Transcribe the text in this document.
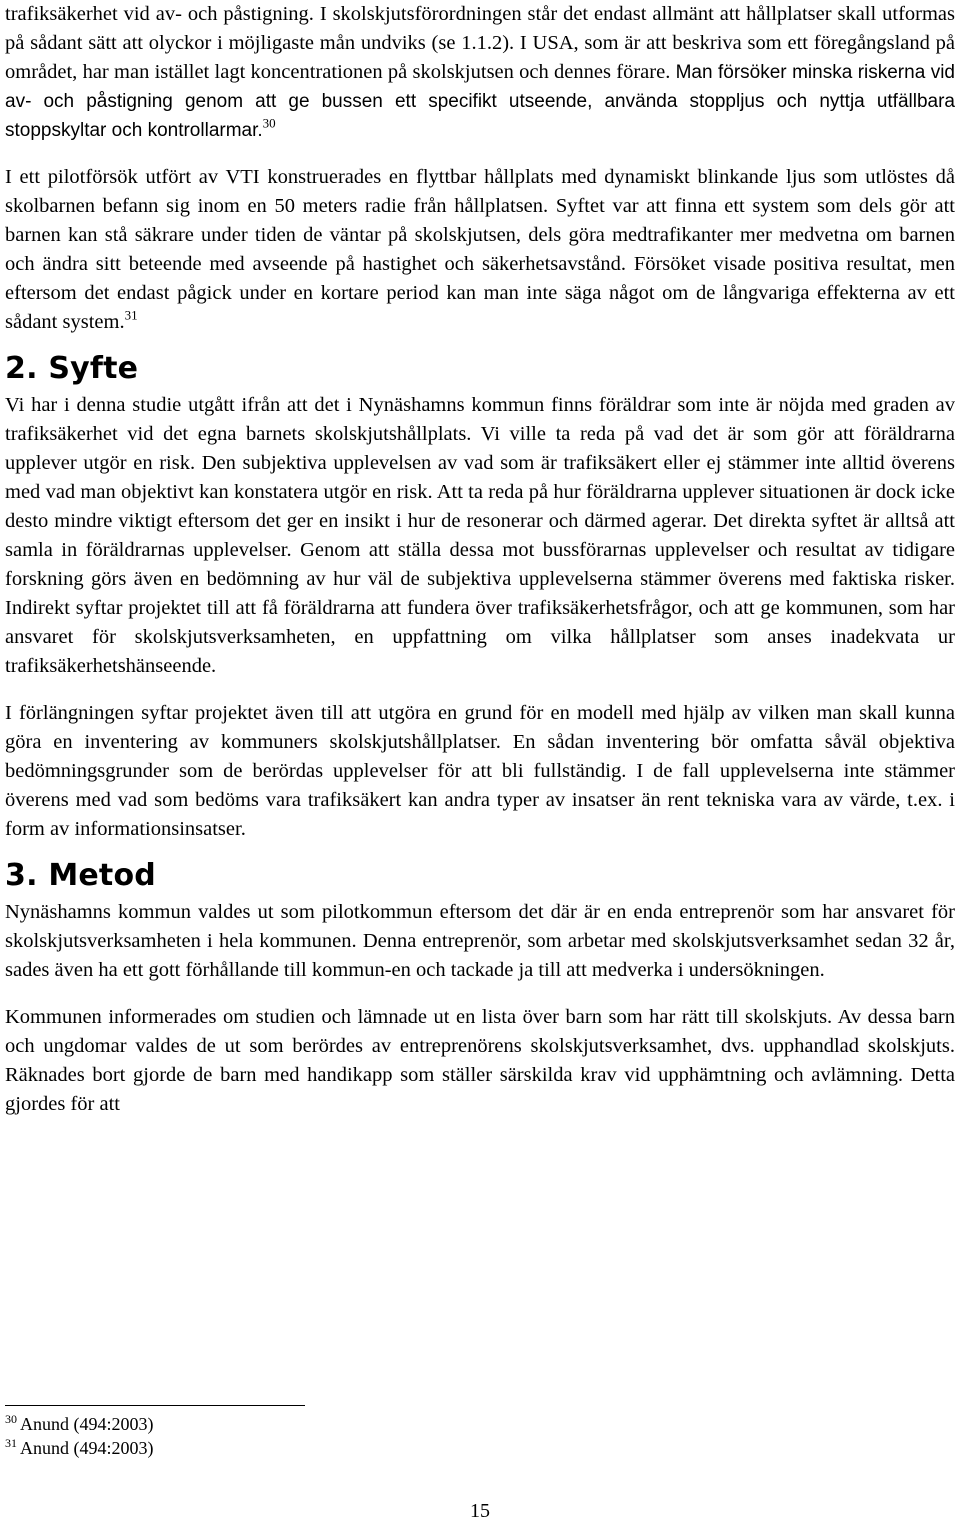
trafiksäkerhet vid av- och påstigning. I skolskjutsförordningen står det endast allmänt att hållplatser skall utformas på sådant sätt att olyckor i möjligaste mån undviks (se 1.1.2). I USA, som är att beskriva som ett föregångsland på området, har man istället lagt koncentrationen på skolskjutsen och dennes förare. Man försöker minska riskerna vid av- och påstigning genom att ge bussen ett specifikt utseende, använda stoppljus och nyttja utfällbara stoppskyltar och kontrollarmar.$^{30}$

I ett pilotförsök utfört av VTI konstruerades en flyttbar hållplats med dynamiskt blinkande ljus som utlöstes då skolbarnen befann sig inom en 50 meters radie från hållplatsen. Syftet var att finna ett system som dels gör att barnen kan stå säkrare under tiden de väntar på skolskjutsen, dels göra medtrafikanter mer medvetna om barnen och ändra sitt beteende med avseende på hastighet och säkerhetsavstånd. Försöket visade positiva resultat, men eftersom det endast pågick under en kortare period kan man inte säga något om de långvariga effekterna av ett sådant system.$^{31}$

2. Syfte

Vi har i denna studie utgått ifrån att det i Nynäshamns kommun finns föräldrar som inte är nöjda med graden av trafiksäkerhet vid det egna barnets skolskjutshållplats. Vi ville ta reda på vad det är som gör att föräldrarna upplever utgör en risk. Den subjektiva upplevelsen av vad som är trafiksäkert eller ej stämmer inte alltid överens med vad man objektivt kan konstatera utgör en risk. Att ta reda på hur föräldrarna upplever situationen är dock icke desto mindre viktigt eftersom det ger en insikt i hur de resonerar och därmed agerar. Det direkta syftet är alltså att samla in föräldrarnas upplevelser. Genom att ställa dessa mot bussförarnas upplevelser och resultat av tidigare forskning görs även en bedömning av hur väl de subjektiva upplevelserna stämmer överens med faktiska risker. Indirekt syftar projektet till att få föräldrarna att fundera över trafiksäkerhetsfrågor, och att ge kommunen, som har ansvaret för skolskjutsverksamheten, en uppfattning om vilka hållplatser som anses inadekvata ur trafiksäkerhetshänseende.

I förlängningen syftar projektet även till att utgöra en grund för en modell med hjälp av vilken man skall kunna göra en inventering av kommuners skolskjutshållplatser. En sådan inventering bör omfatta såväl objektiva bedömningsgrunder som de berördas upplevelser för att bli fullständig. I de fall upplevelserna inte stämmer överens med vad som bedöms vara trafiksäkert kan andra typer av insatser än rent tekniska vara av värde, t.ex. i form av informationsinsatser.

3. Metod

Nynäshamns kommun valdes ut som pilotkommun eftersom det där är en enda entreprenör som har ansvaret för skolskjutsverksamheten i hela kommunen. Denna entreprenör, som arbetar med skolskjutsverksamhet sedan 32 år, sades även ha ett gott förhållande till kommun-en och tackade ja till att medverka i undersökningen.

Kommunen informerades om studien och lämnade ut en lista över barn som har rätt till skolskjuts. Av dessa barn och ungdomar valdes de ut som berördes av entreprenörens skolskjutsverksamhet, dvs. upphandlad skolskjuts. Räknades bort gjorde de barn med handikapp som ställer särskilda krav vid upphämtning och avlämning. Detta gjordes för att

$^{30}$ Anund (494:2003)
$^{31}$ Anund (494:2003)
15
